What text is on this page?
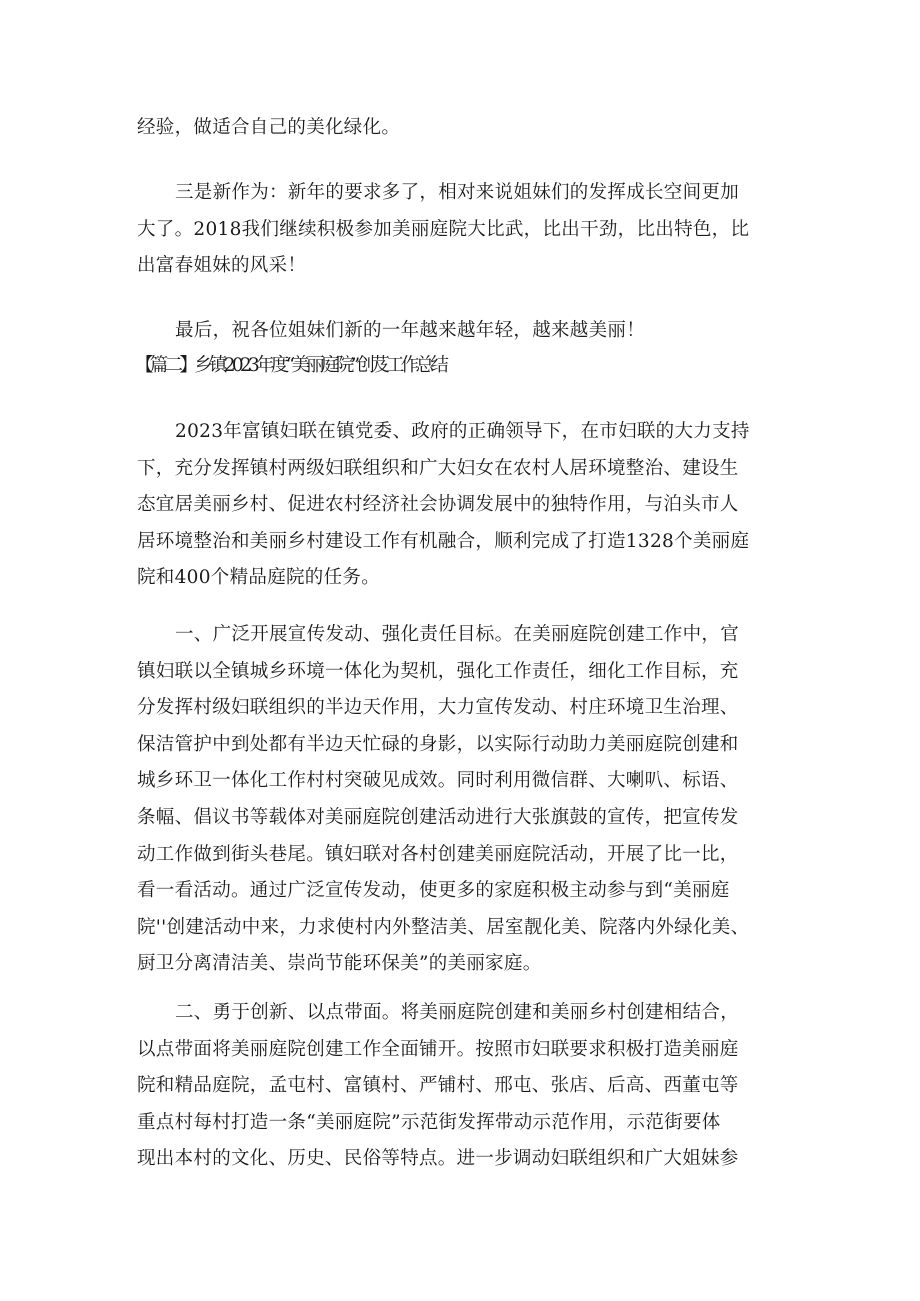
经验，做适合自己的美化绿化。
三是新作为：新年的要求多了，相对来说姐妹们的发挥成长空间更加
大了。2018我们继续积极参加美丽庭院大比武，比出干劲，比出特色，比
出富春姐妹的风采！
最后，祝各位姐妹们新的一年越来越年轻，越来越美丽！
【篇二】乡镇2023年度“美丽庭院”创芨工作总结
2023年富镇妇联在镇党委、政府的正确领导下，在市妇联的大力支持
下，充分发挥镇村两级妇联组织和广大妇女在农村人居环境整治、建设生
态宜居美丽乡村、促进农村经济社会协调发展中的独特作用，与泊头市人
居环境整治和美丽乡村建设工作有机融合，顺利完成了打造1328个美丽庭
院和400个精品庭院的任务。
一、广泛开展宣传发动、强化责任目标。在美丽庭院创建工作中，官
镇妇联以全镇城乡环境一体化为契机，强化工作责任，细化工作目标，充
分发挥村级妇联组织的半边天作用，大力宣传发动、村庄环境卫生治理、
保洁管护中到处都有半边天忙碌的身影，以实际行动助力美丽庭院创建和
城乡环卫一体化工作村村突破见成效。同时利用微信群、大喇叭、标语、
条幅、倡议书等载体对美丽庭院创建活动进行大张旗鼓的宣传，把宣传发
动工作做到街头巷尾。镇妇联对各村创建美丽庭院活动，开展了比一比，
看一看活动。通过广泛宣传发动，使更多的家庭积极主动参与到“美丽庭
院''创建活动中来，力求使村内外整洁美、居室靓化美、院落内外绿化美、
厨卫分离清洁美、崇尚节能环保美”的美丽家庭。
二、勇于创新、以点带面。将美丽庭院创建和美丽乡村创建相结合，
以点带面将美丽庭院创建工作全面铺开。按照市妇联要求积极打造美丽庭
院和精品庭院，孟屯村、富镇村、严铺村、邢屯、张店、后高、西董屯等
重点村每村打造一条“美丽庭院”示范街发挥带动示范作用，示范街要体
现出本村的文化、历史、民俗等特点。进一步调动妇联组织和广大姐妹参
